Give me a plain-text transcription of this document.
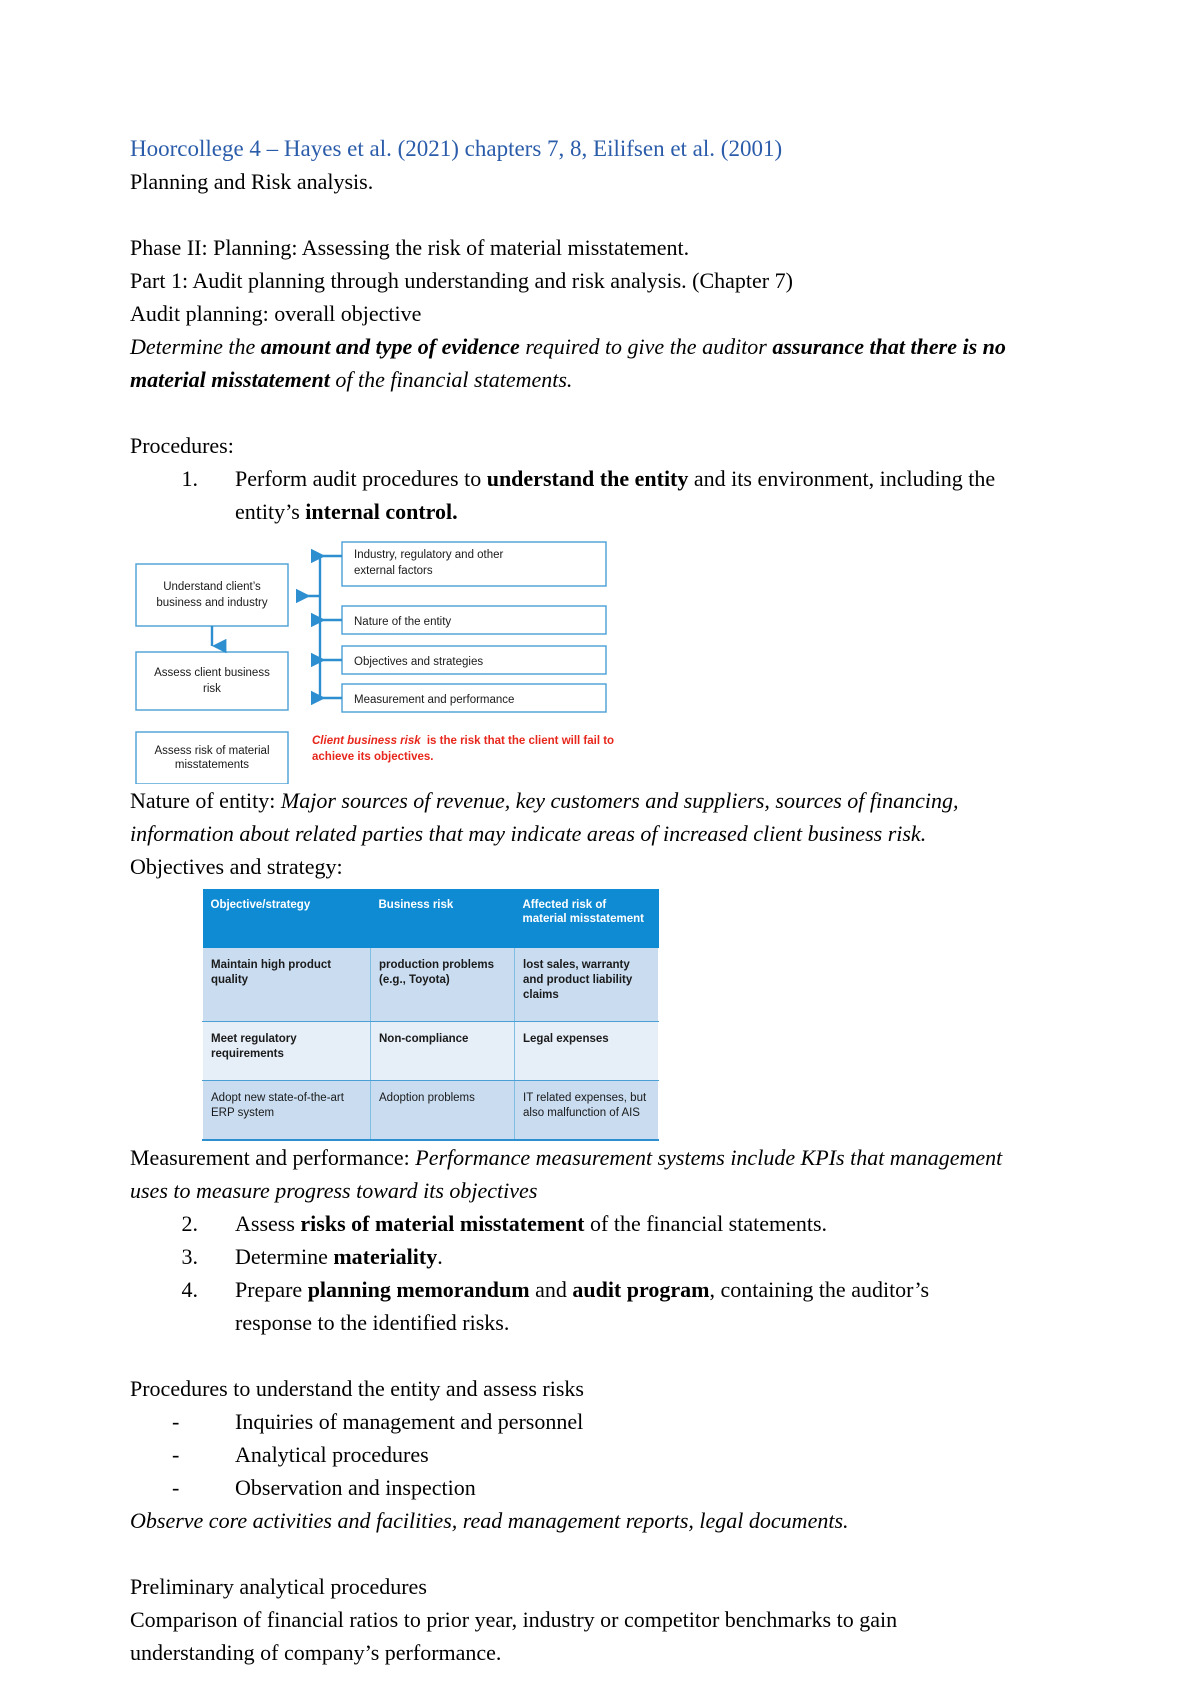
Hoorcollege 4 – Hayes et al. (2021) chapters 7, 8, Eilifsen et al. (2001)
Planning and Risk analysis.
Phase II: Planning: Assessing the risk of material misstatement.
Part 1: Audit planning through understanding and risk analysis. (Chapter 7)
Audit planning: overall objective
Determine the amount and type of evidence required to give the auditor assurance that there is no material misstatement of the financial statements.
Procedures:
1. Perform audit procedures to understand the entity and its environment, including the entity’s internal control.
Understand client’s
business and industry
Assess client business
risk
Assess risk of material
misstatements
Industry, regulatory and other
external factors
Nature of the entity
Objectives and strategies
Measurement and performance
Client business risk is the risk that the client will fail to
achieve its objectives.
Nature of entity: Major sources of revenue, key customers and suppliers, sources of financing, information about related parties that may indicate areas of increased client business risk.
Objectives and strategy:
Objective/strategy	Business risk	Affected risk of material misstatement
Maintain high product quality	production problems (e.g., Toyota)	lost sales, warranty and product liability claims
Meet regulatory requirements	Non-compliance	Legal expenses
Adopt new state-of-the-art ERP system	Adoption problems	IT related expenses, but also malfunction of AIS
Measurement and performance: Performance measurement systems include KPIs that management uses to measure progress toward its objectives
2. Assess risks of material misstatement of the financial statements.
3. Determine materiality.
4. Prepare planning memorandum and audit program, containing the auditor’s response to the identified risks.
Procedures to understand the entity and assess risks
-	Inquiries of management and personnel
-	Analytical procedures
-	Observation and inspection
Observe core activities and facilities, read management reports, legal documents.
Preliminary analytical procedures
Comparison of financial ratios to prior year, industry or competitor benchmarks to gain understanding of company’s performance.
